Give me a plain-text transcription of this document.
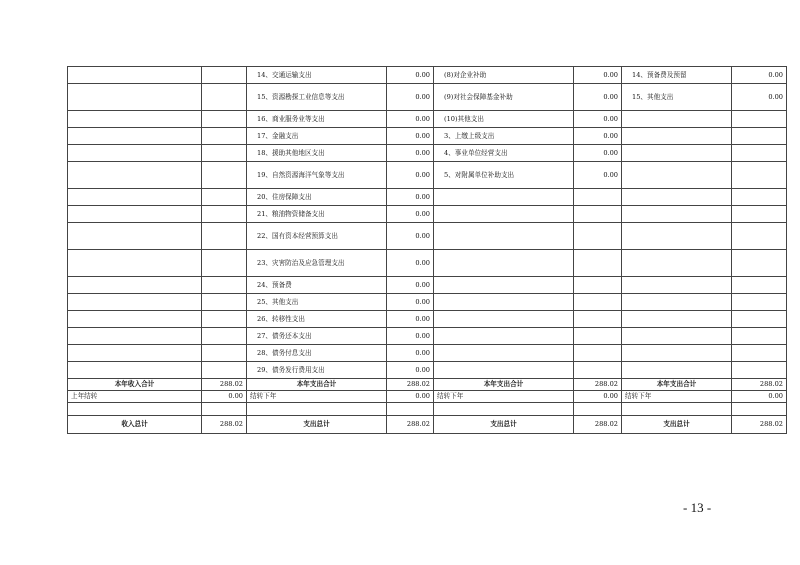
		14、交通运输支出	0.00	(8)对企业补助	0.00	14、预备费及预留	0.00
		15、资源勘探工业信息等支出	0.00	(9)对社会保障基金补助	0.00	15、其他支出	0.00
		16、商业服务业等支出	0.00	(10)其他支出	0.00		
		17、金融支出	0.00	3、上缴上级支出	0.00		
		18、援助其他地区支出	0.00	4、事业单位经营支出	0.00		
		19、自然资源海洋气象等支出	0.00	5、对附属单位补助支出	0.00		
		20、住房保障支出	0.00				
		21、粮油物资储备支出	0.00				
		22、国有资本经营预算支出	0.00				
		23、灾害防治及应急管理支出	0.00				
		24、预备费	0.00				
		25、其他支出	0.00				
		26、转移性支出	0.00				
		27、债务还本支出	0.00				
		28、债务付息支出	0.00				
		29、债务发行费用支出	0.00				
本年收入合计	288.02	本年支出合计	288.02	本年支出合计	288.02	本年支出合计	288.02
上年结转	0.00	结转下年	0.00	结转下年	0.00	结转下年	0.00

收入总计	288.02	支出总计	288.02	支出总计	288.02	支出总计	288.02
- 13 -
